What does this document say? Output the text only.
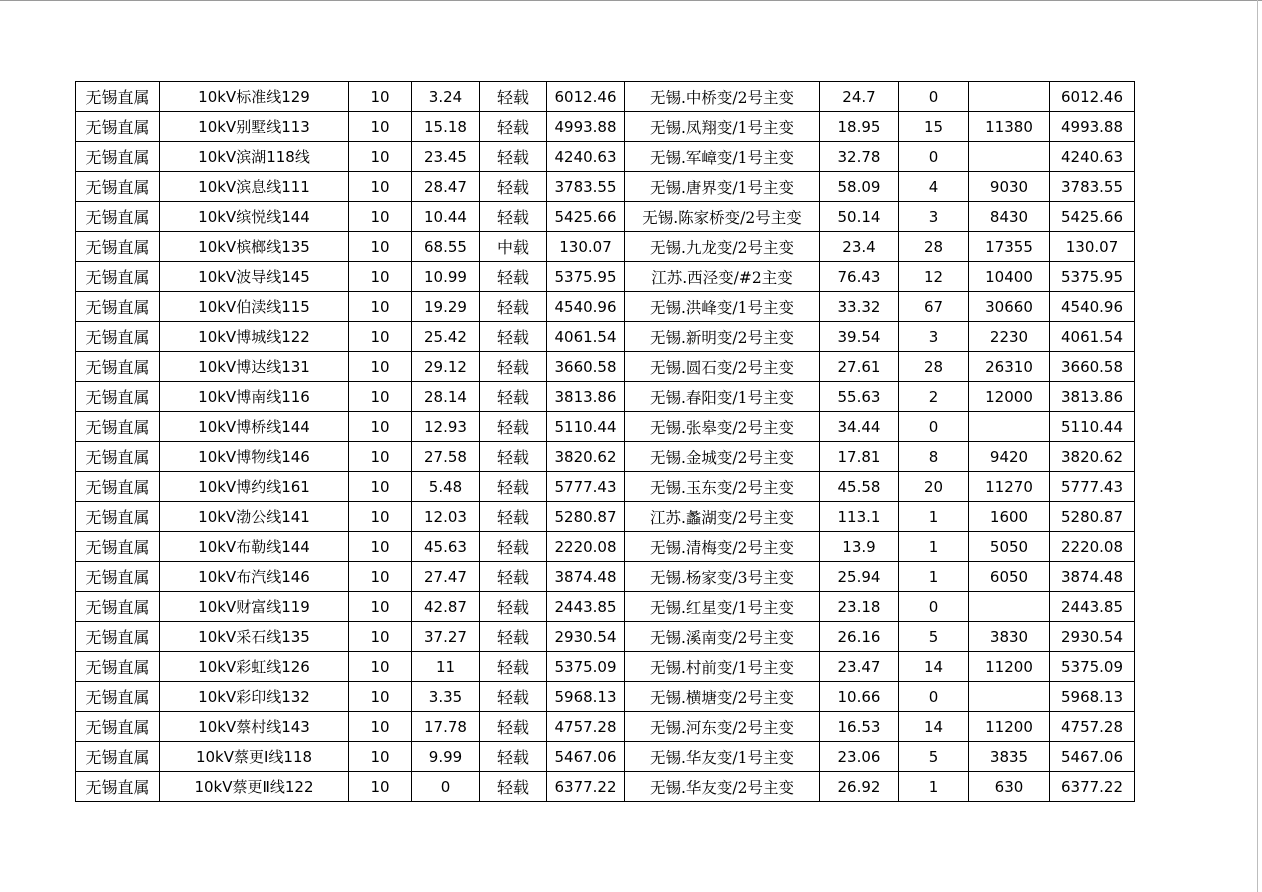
无锡直属	10kV标准线129	10	3.24	轻载	6012.46	无锡.中桥变/2号主变	24.7	0		6012.46
无锡直属	10kV别墅线113	10	15.18	轻载	4993.88	无锡.凤翔变/1号主变	18.95	15	11380	4993.88
无锡直属	10kV滨湖118线	10	23.45	轻载	4240.63	无锡.军嶂变/1号主变	32.78	0		4240.63
无锡直属	10kV滨息线111	10	28.47	轻载	3783.55	无锡.唐界变/1号主变	58.09	4	9030	3783.55
无锡直属	10kV缤悦线144	10	10.44	轻载	5425.66	无锡.陈家桥变/2号主变	50.14	3	8430	5425.66
无锡直属	10kV槟榔线135	10	68.55	中载	130.07	无锡.九龙变/2号主变	23.4	28	17355	130.07
无锡直属	10kV波导线145	10	10.99	轻载	5375.95	江苏.西泾变/#2主变	76.43	12	10400	5375.95
无锡直属	10kV伯渎线115	10	19.29	轻载	4540.96	无锡.洪峰变/1号主变	33.32	67	30660	4540.96
无锡直属	10kV博城线122	10	25.42	轻载	4061.54	无锡.新明变/2号主变	39.54	3	2230	4061.54
无锡直属	10kV博达线131	10	29.12	轻载	3660.58	无锡.圆石变/2号主变	27.61	28	26310	3660.58
无锡直属	10kV博南线116	10	28.14	轻载	3813.86	无锡.春阳变/1号主变	55.63	2	12000	3813.86
无锡直属	10kV博桥线144	10	12.93	轻载	5110.44	无锡.张皋变/2号主变	34.44	0		5110.44
无锡直属	10kV博物线146	10	27.58	轻载	3820.62	无锡.金城变/2号主变	17.81	8	9420	3820.62
无锡直属	10kV博约线161	10	5.48	轻载	5777.43	无锡.玉东变/2号主变	45.58	20	11270	5777.43
无锡直属	10kV渤公线141	10	12.03	轻载	5280.87	江苏.蠡湖变/2号主变	113.1	1	1600	5280.87
无锡直属	10kV布勒线144	10	45.63	轻载	2220.08	无锡.清梅变/2号主变	13.9	1	5050	2220.08
无锡直属	10kV布汽线146	10	27.47	轻载	3874.48	无锡.杨家变/3号主变	25.94	1	6050	3874.48
无锡直属	10kV财富线119	10	42.87	轻载	2443.85	无锡.红星变/1号主变	23.18	0		2443.85
无锡直属	10kV采石线135	10	37.27	轻载	2930.54	无锡.溪南变/2号主变	26.16	5	3830	2930.54
无锡直属	10kV彩虹线126	10	11	轻载	5375.09	无锡.村前变/1号主变	23.47	14	11200	5375.09
无锡直属	10kV彩印线132	10	3.35	轻载	5968.13	无锡.横塘变/2号主变	10.66	0		5968.13
无锡直属	10kV蔡村线143	10	17.78	轻载	4757.28	无锡.河东变/2号主变	16.53	14	11200	4757.28
无锡直属	10kV蔡更Ⅰ线118	10	9.99	轻载	5467.06	无锡.华友变/1号主变	23.06	5	3835	5467.06
无锡直属	10kV蔡更Ⅱ线122	10	0	轻载	6377.22	无锡.华友变/2号主变	26.92	1	630	6377.22
